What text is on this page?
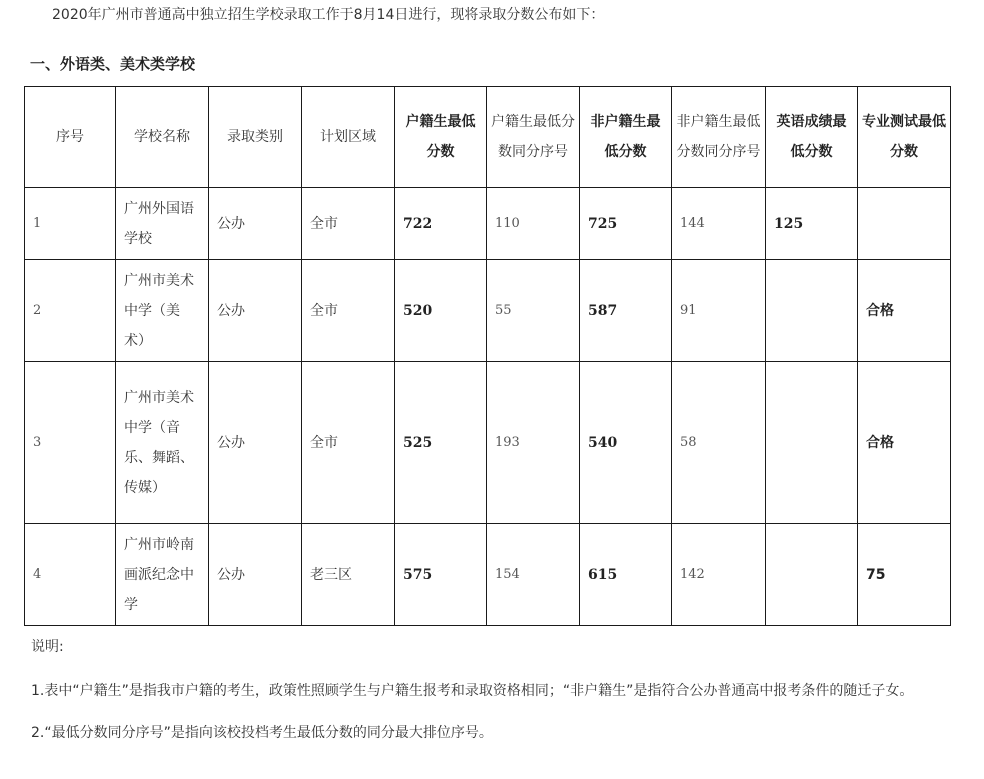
2020年广州市普通高中独立招生学校录取工作于8月14日进行，现将录取分数公布如下：
一、外语类、美术类学校
序号	学校名称	录取类别	计划区域	户籍生最低分数	户籍生最低分数同分序号	非户籍生最低分数	非户籍生最低分数同分序号	英语成绩最低分数	专业测试最低分数
1	广州外国语学校	公办	全市	722	110	725	144	125	
2	广州市美术中学（美术）	公办	全市	520	55	587	91		合格
3	广州市美术中学（音乐、舞蹈、传媒）	公办	全市	525	193	540	58		合格
4	广州市岭南画派纪念中学	公办	老三区	575	154	615	142		75

说明:

1.表中“户籍生”是指我市户籍的考生，政策性照顾学生与户籍生报考和录取资格相同；“非户籍生”是指符合公办普通高中报考条件的随迁子女。

2.“最低分数同分序号”是指向该校投档考生最低分数的同分最大排位序号。
